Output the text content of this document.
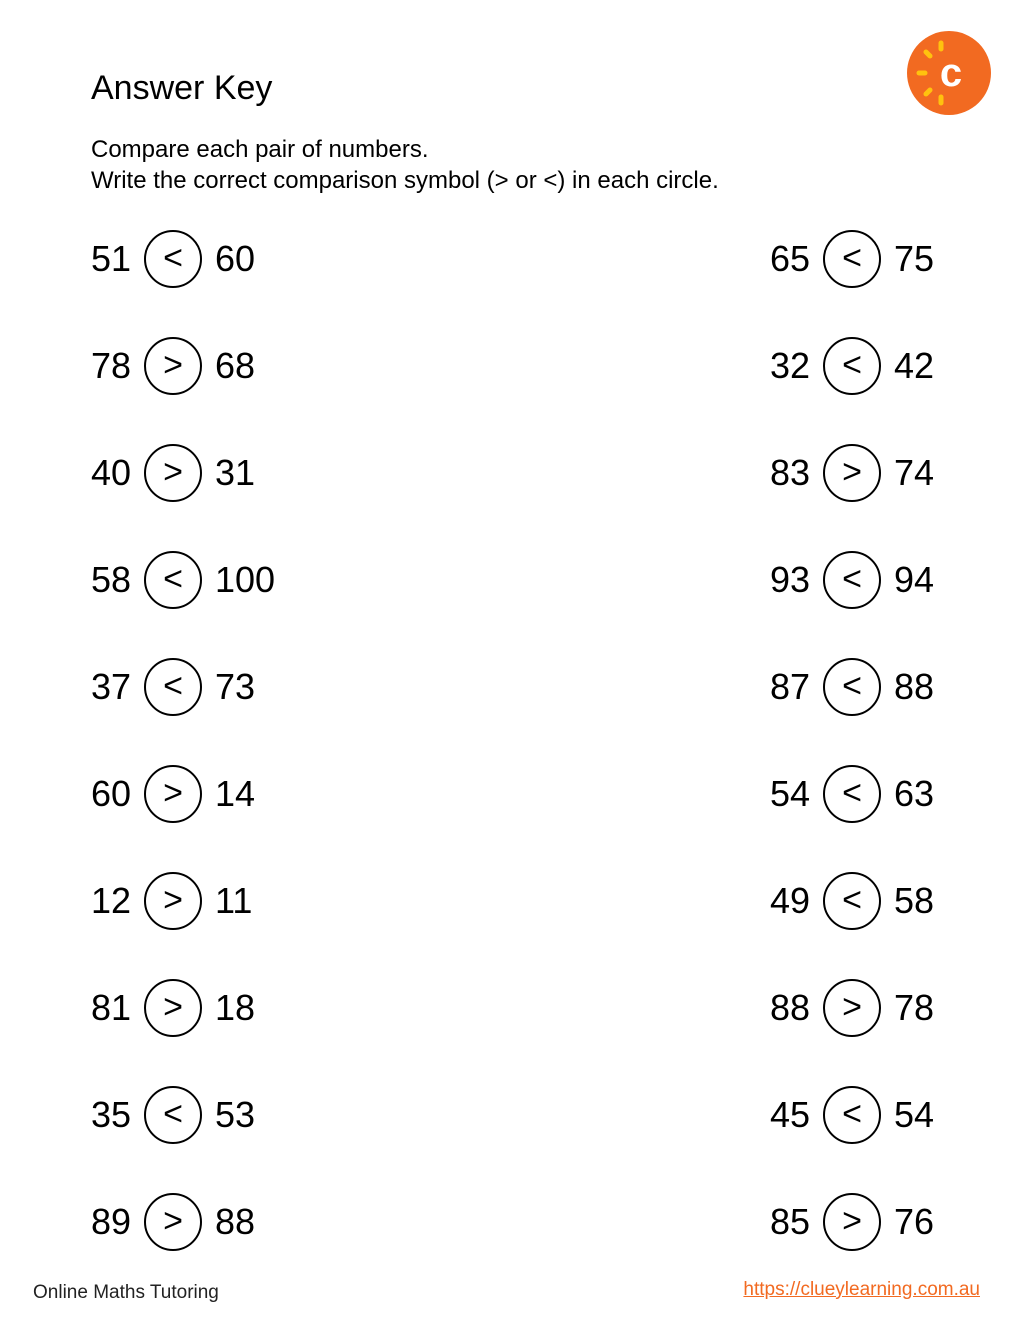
Answer Key
Compare each pair of numbers.
Write the correct comparison symbol (> or <) in each circle.
c
51 < 60
78 > 68
40 > 31
58 < 100
37 < 73
60 > 14
12 > 11
81 > 18
35 < 53
89 > 88
65 < 75
32 < 42
83 > 74
93 < 94
87 < 88
54 < 63
49 < 58
88 > 78
45 < 54
85 > 76
Online Maths Tutoring	https://clueylearning.com.au
